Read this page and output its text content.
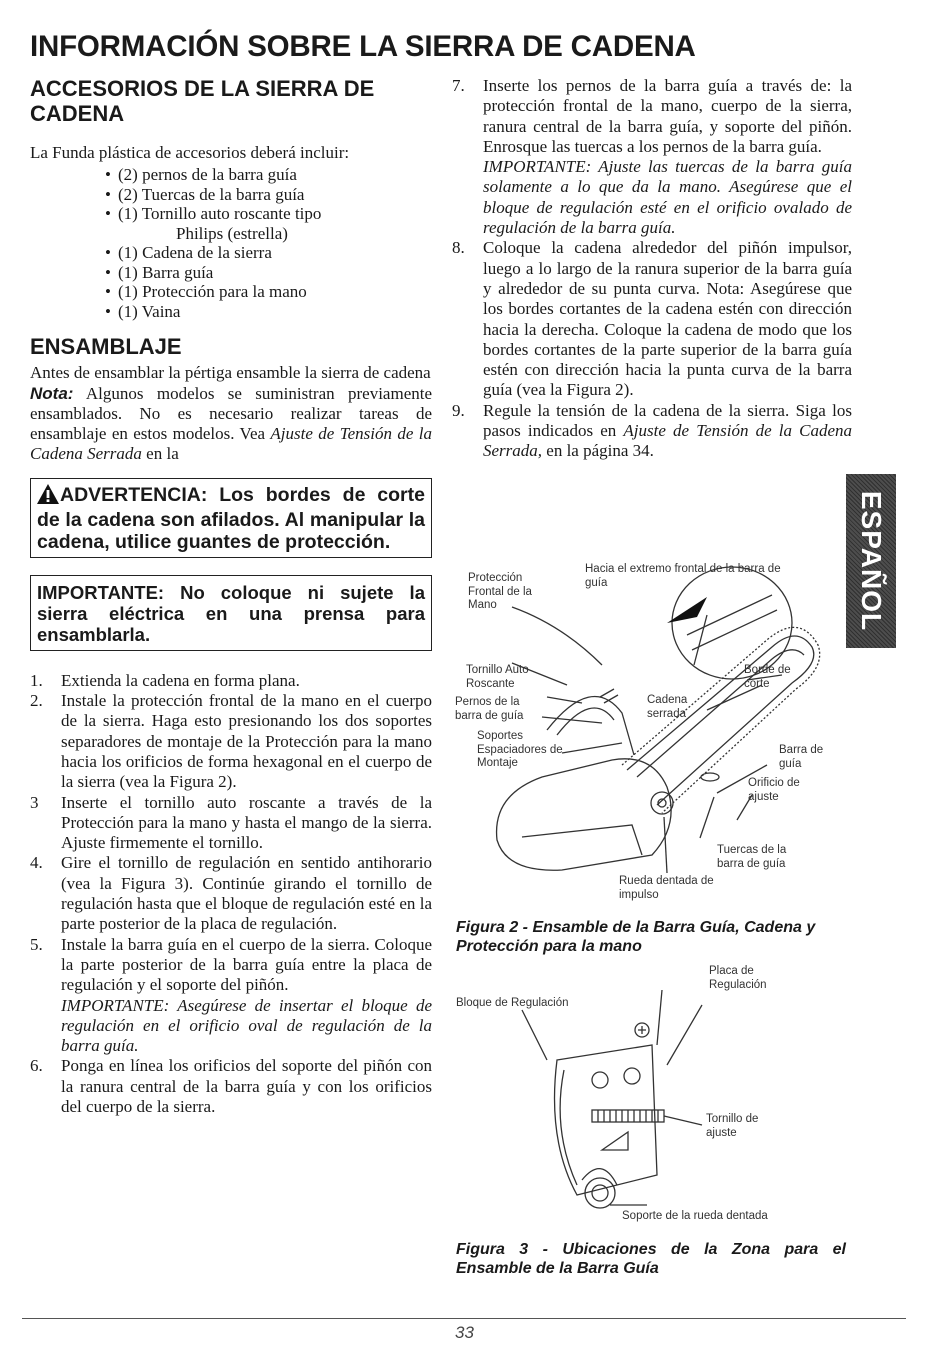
INFORMACIÓN SOBRE LA SIERRA DE CADENA
ACCESORIOS DE LA SIERRA DE CADENA

La Funda plástica de accesorios deberá incluir:

• (2) pernos de la barra guía
• (2) Tuercas de la barra guía
• (1) Tornillo auto roscante tipo
Philips (estrella)
• (1) Cadena de la sierra
• (1) Barra guía
• (1) Protección para la mano
• (1) Vaina
ENSAMBLAJE

Antes de ensamblar la pértiga ensamble la sierra de cadena

Nota: Algunos modelos se suministran previamente ensamblados. No es necesario realizar tareas de ensamblaje en estos modelos. Vea Ajuste de Tensión de la Cadena Serrada en la

ADVERTENCIA: Los bordes de corte de la cadena son afilados. Al manipular la cadena, utilice guantes de protección.
IMPORTANTE: No coloque ni sujete la sierra eléctrica en una prensa para ensamblarla.
1. Extienda la cadena en forma plana.
2. Instale la protección frontal de la mano en el cuerpo de la sierra. Haga esto presionando los dos soportes separadores de montaje de la Protección para la mano hacia los orificios de forma hexagonal en el cuerpo de la sierra (vea la Figura 2).
3 Inserte el tornillo auto roscante a través de la Protección para la mano y hasta el mango de la sierra. Ajuste firmemente el tornillo.
4. Gire el tornillo de regulación en sentido antihorario (vea la Figura 3). Continúe girando el tornillo de regulación hasta que el bloque de regulación esté en la parte posterior de la placa de regulación.
5. Instale la barra guía en el cuerpo de la sierra. Coloque la parte posterior de la barra guía entre la placa de regulación y el soporte del piñón.
IMPORTANTE: Asegúrese de insertar el bloque de regulación en el orificio oval de regulación de la barra guía.
6. Ponga en línea los orificios del soporte del piñón con la ranura central de la barra guía y con los orificios del cuerpo de la sierra.
7. Inserte los pernos de la barra guía a través de: la protección frontal de la mano, cuerpo de la sierra, ranura central de la barra guía, y soporte del piñón. Enrosque las tuercas a los pernos de la barra guía.
IMPORTANTE: Ajuste las tuercas de la barra guía solamente a lo que da la mano. Asegúrese que el bloque de regulación esté en el orificio ovalado de regulación de la barra guía.
8. Coloque la cadena alrededor del piñón impulsor, luego a lo largo de la ranura superior de la barra guía y alrededor de su punta curva. Nota: Asegúrese que los bordes cortantes de la cadena estén con dirección hacia la derecha. Coloque la cadena de modo que los bordes cortantes de la parte superior de la barra guía estén con dirección hacia la punta curva de la barra guía (vea la Figura 2).
9. Regule la tensión de la cadena de la sierra. Siga los pasos indicados en Ajuste de Tensión de la Cadena Serrada, en la página 34.
Protección Frontal de la Mano
Hacia el extremo frontal de la barra de guía
Tornillo Auto Roscante
Pernos de la barra de guía
Soportes Espaciadores de Montaje
Borde de corte
Cadena serrada
Barra de guía
Orificio de ajuste
Tuercas de la barra de guía
Rueda dentada de impulso

Figura 2 - Ensamble de la Barra Guía, Cadena y Protección para la mano

Bloque de Regulación
Placa de Regulación
Tornillo de ajuste
Soporte de la rueda dentada

Figura 3 - Ubicaciones de la Zona para el Ensamble de la Barra Guía

ESPAÑOL
33
